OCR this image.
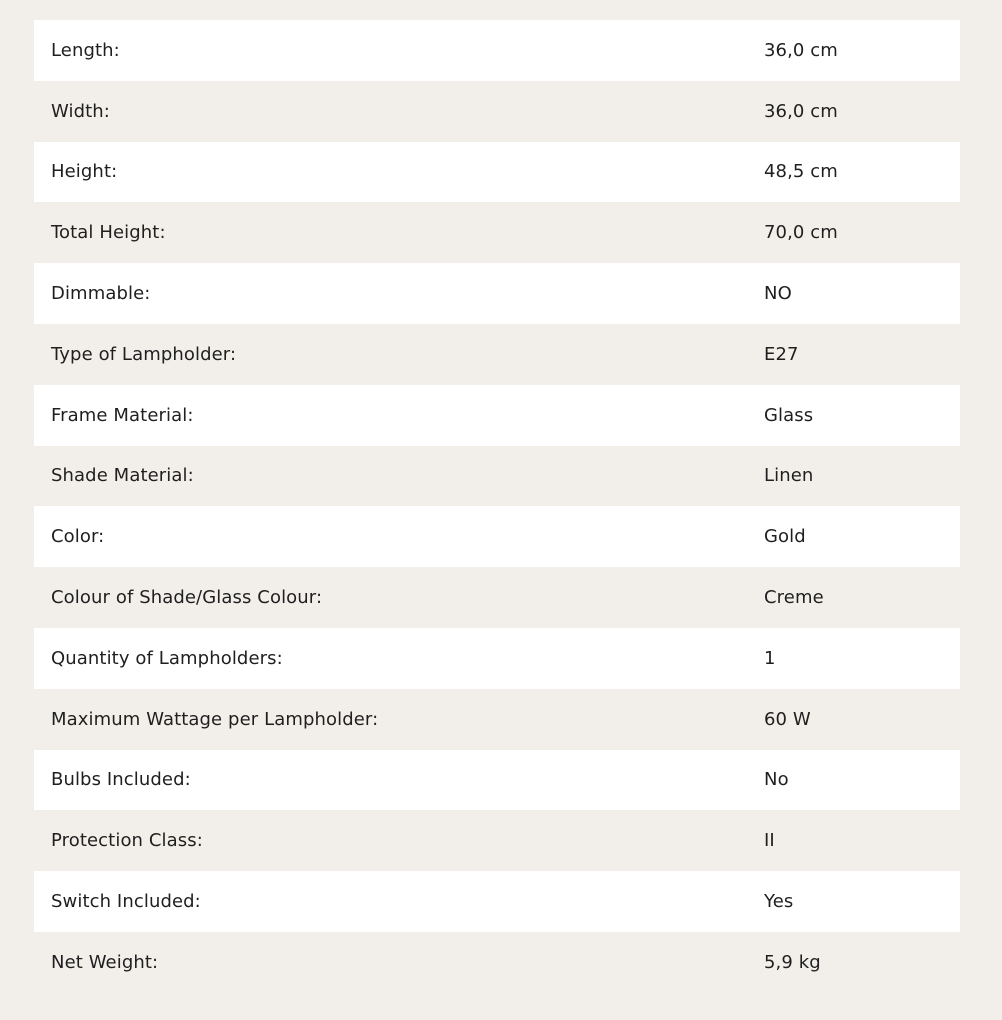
Length:	36,0 cm
Width:	36,0 cm
Height:	48,5 cm
Total Height:	70,0 cm
Dimmable:	NO
Type of Lampholder:	E27
Frame Material:	Glass
Shade Material:	Linen
Color:	Gold
Colour of Shade/Glass Colour:	Creme
Quantity of Lampholders:	1
Maximum Wattage per Lampholder:	60 W
Bulbs Included:	No
Protection Class:	II
Switch Included:	Yes
Net Weight:	5,9 kg
